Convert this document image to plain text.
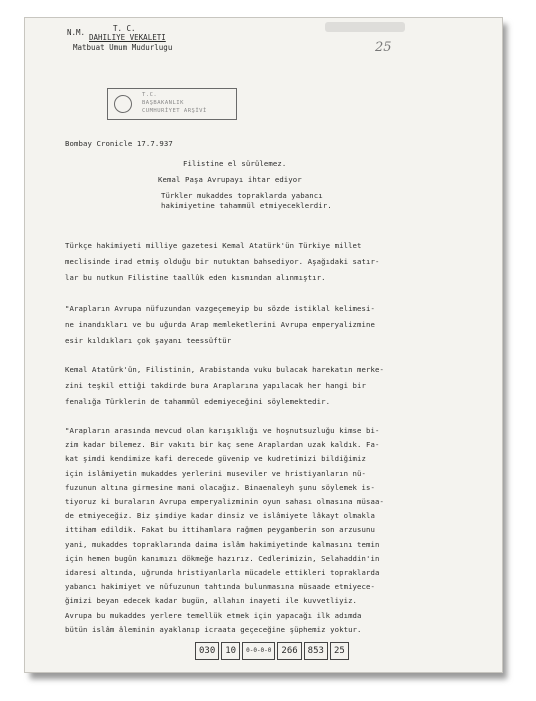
N.M.	T. C.
DAHILIYE VEKALETI
Matbuat Umum Mudurlugu	25
T.C.
BAŞBAKANLIK
CUMHURİYET ARŞİVİ
Bombay Cronicle 17.7.937
Filistine el sürülemez.
Kemal Paşa Avrupayı ihtar ediyor
Türkler mukaddes topraklarda yabancı
hakimiyetine tahammül etmiyeceklerdir.
Türkçe hakimiyeti milliye gazetesi Kemal Atatürk'ün Türkiye millet
meclisinde irad etmiş olduğu bir nutuktan bahsediyor. Aşağıdaki satır-
lar bu nutkun Filistine taallûk eden kısmından alınmıştır.
"Arapların Avrupa nüfuzundan vazgeçemeyip bu sözde istiklal kelimesi-
ne inandıkları ve bu uğurda Arap memleketlerini Avrupa emperyalizmine
esir kıldıkları çok şayanı teessüftür
Kemal Atatürk'ün, Filistinin, Arabistanda vuku bulacak harekatın merke-
zini teşkil ettiği takdirde bura Araplarına yapılacak her hangi bir
fenalığa Türklerin de tahammül edemiyeceğini söylemektedir.
"Arapların arasında mevcud olan karışıklığı ve hoşnutsuzluğu kimse bi-
zim kadar bilemez. Bir vakıtı bir kaç sene Araplardan uzak kaldık. Fa-
kat şimdi kendimize kafi derecede güvenip ve kudretimizi bildiğimiz
için islâmiyetin mukaddes yerlerini museviler ve hristiyanların nü-
fuzunun altına girmesine mani olacağız. Binaenaleyh şunu söylemek is-
tiyoruz ki buraların Avrupa emperyalizminin oyun sahası olmasına müsaa-
de etmiyeceğiz. Biz şimdiye kadar dinsiz ve islâmiyete lâkayt olmakla
ittiham edildik. Fakat bu ittihamlara rağmen peygamberin son arzusunu
yani, mukaddes topraklarında daima islâm hakimiyetinde kalmasını temin
için hemen bugün kanımızı dökmeğe hazırız. Cedlerimizin, Selahaddin'in
idaresi altında, uğrunda hristiyanlarla mücadele ettikleri topraklarda
yabancı hakimiyet ve nüfuzunun tahtında bulunmasına müsaade etmiyece-
ğimizi beyan edecek kadar bugün, allahın inayeti ile kuvvetliyiz.
Avrupa bu mukaddes yerlere temellük etmek için yapacağı ilk adımda
bütün islâm âleminin ayaklanıp icraata geçeceğine şüphemiz yoktur.
030	10	0-0-0-0	266	853	25
